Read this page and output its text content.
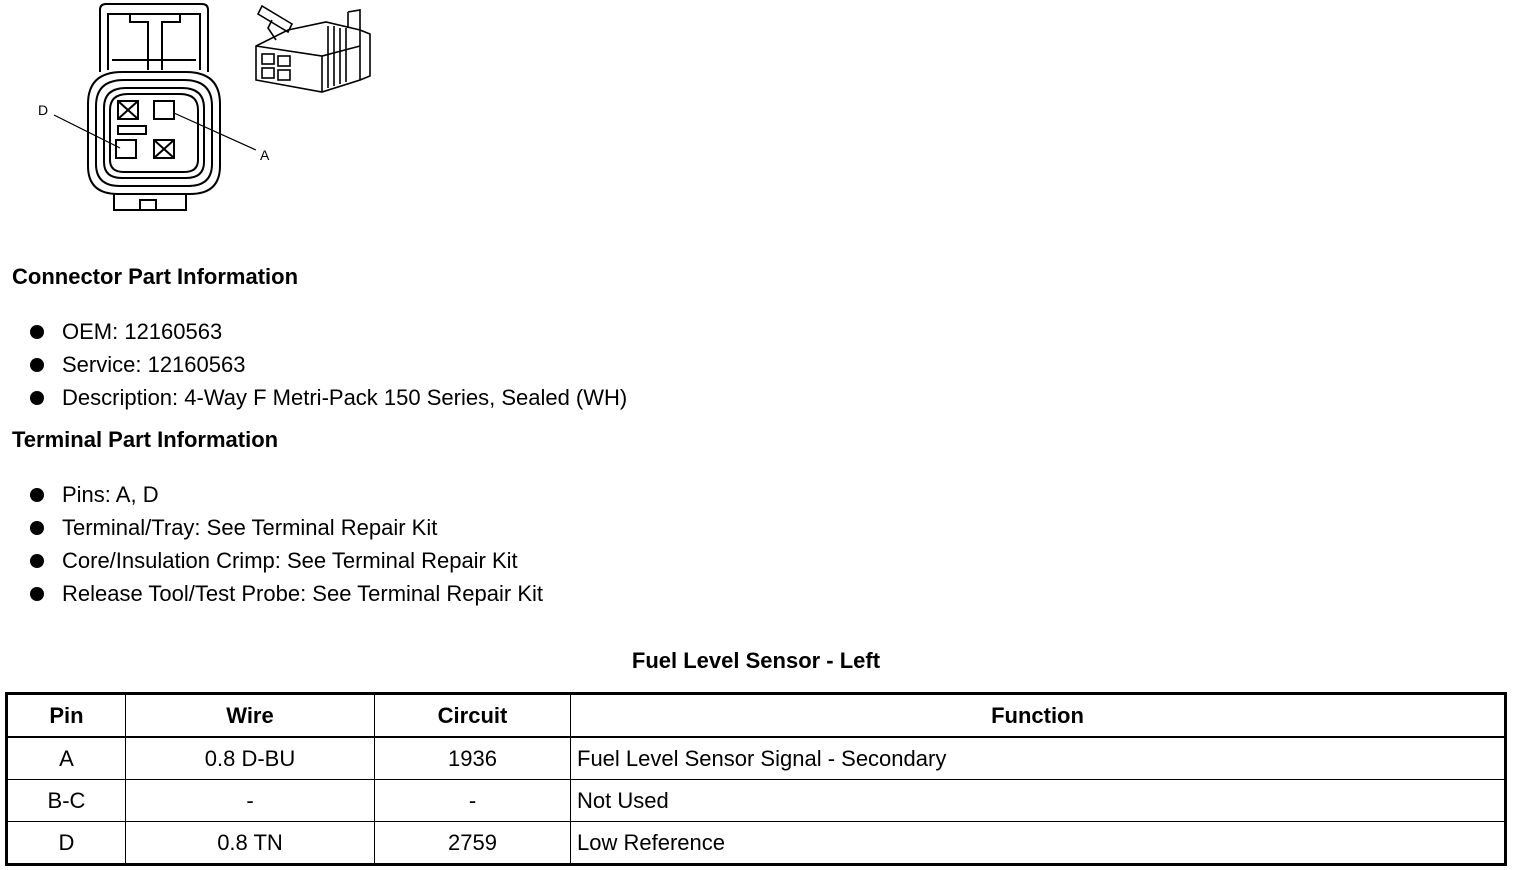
D
A
Connector Part Information
OEM: 12160563
Service: 12160563
Description: 4-Way F Metri-Pack 150 Series, Sealed (WH)
Terminal Part Information
Pins: A, D
Terminal/Tray: See Terminal Repair Kit
Core/Insulation Crimp: See Terminal Repair Kit
Release Tool/Test Probe: See Terminal Repair Kit
Fuel Level Sensor - Left
Pin	Wire	Circuit	Function
A	0.8 D-BU	1936	Fuel Level Sensor Signal - Secondary
B-C	-	-	Not Used
D	0.8 TN	2759	Low Reference
